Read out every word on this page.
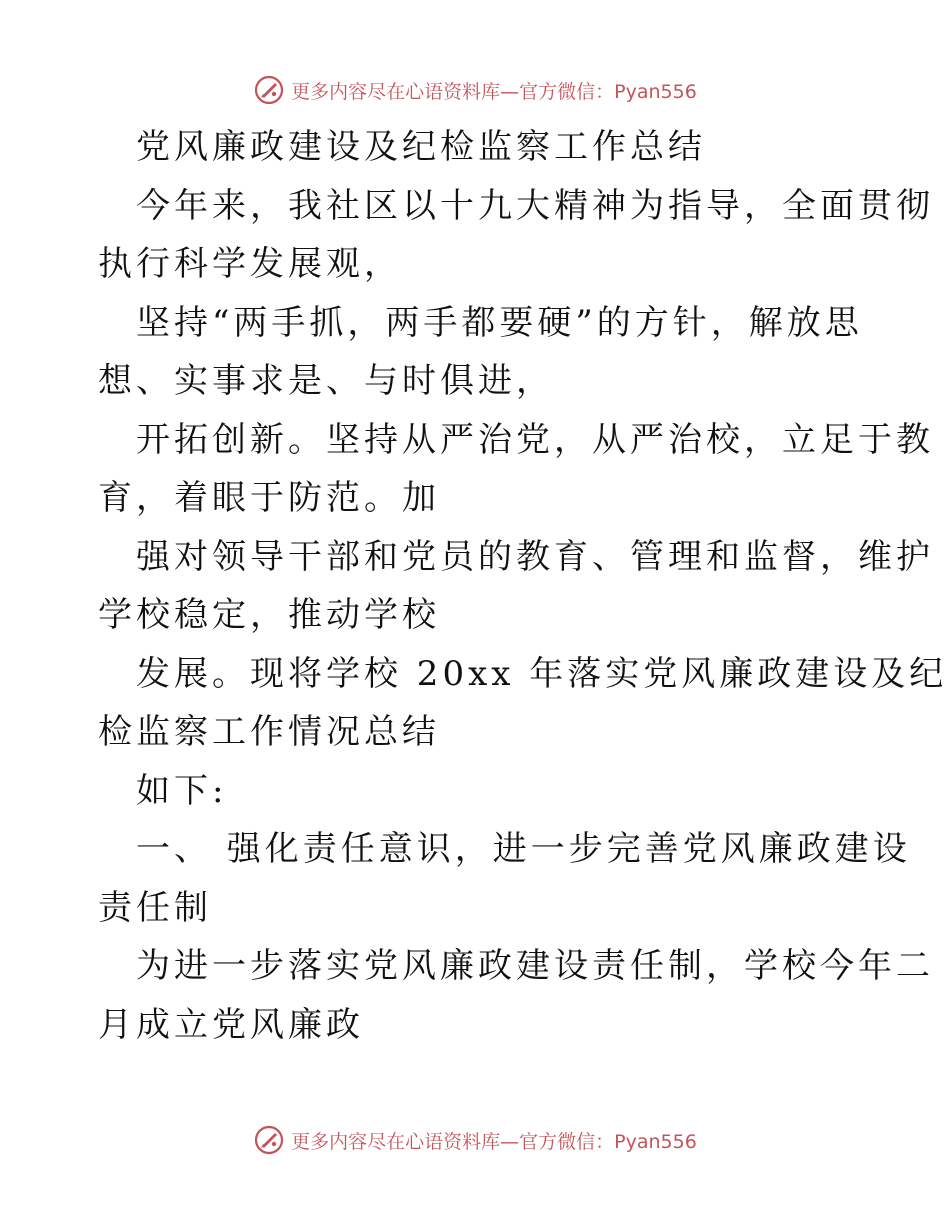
更多内容尽在心语资料库—官方微信：Pyan556
党风廉政建设及纪检监察工作总结
今年来，我社区以十九大精神为指导，全面贯彻
执行科学发展观，
坚持“两手抓，两手都要硬”的方针，解放思
想、实事求是、与时俱进，
开拓创新。坚持从严治党，从严治校，立足于教
育，着眼于防范。加
强对领导干部和党员的教育、管理和监督，维护
学校稳定，推动学校
发展。现将学校 20xx 年落实党风廉政建设及纪
检监察工作情况总结
如下:
一、 强化责任意识，进一步完善党风廉政建设
责任制
为进一步落实党风廉政建设责任制，学校今年二
月成立党风廉政
更多内容尽在心语资料库—官方微信：Pyan556
